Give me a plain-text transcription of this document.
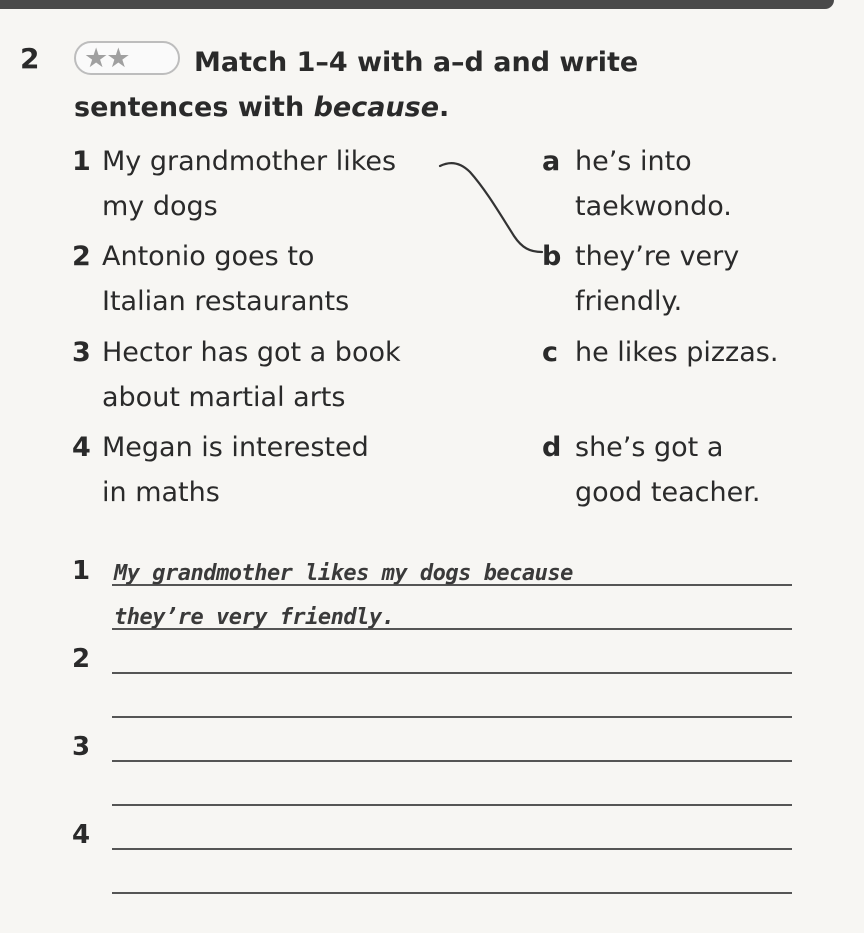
2 ★★	Match 1–4 with a–d and write sentences with because.
1 My grandmother likes
my dogs
2 Antonio goes to
Italian restaurants
3 Hector has got a book
about martial arts
4 Megan is interested
in maths
a he’s into
taekwondo.
b they’re very
friendly.
c he likes pizzas.
d she’s got a
good teacher.
1 My grandmother likes my dogs because
they’re very friendly.
2
3
4
